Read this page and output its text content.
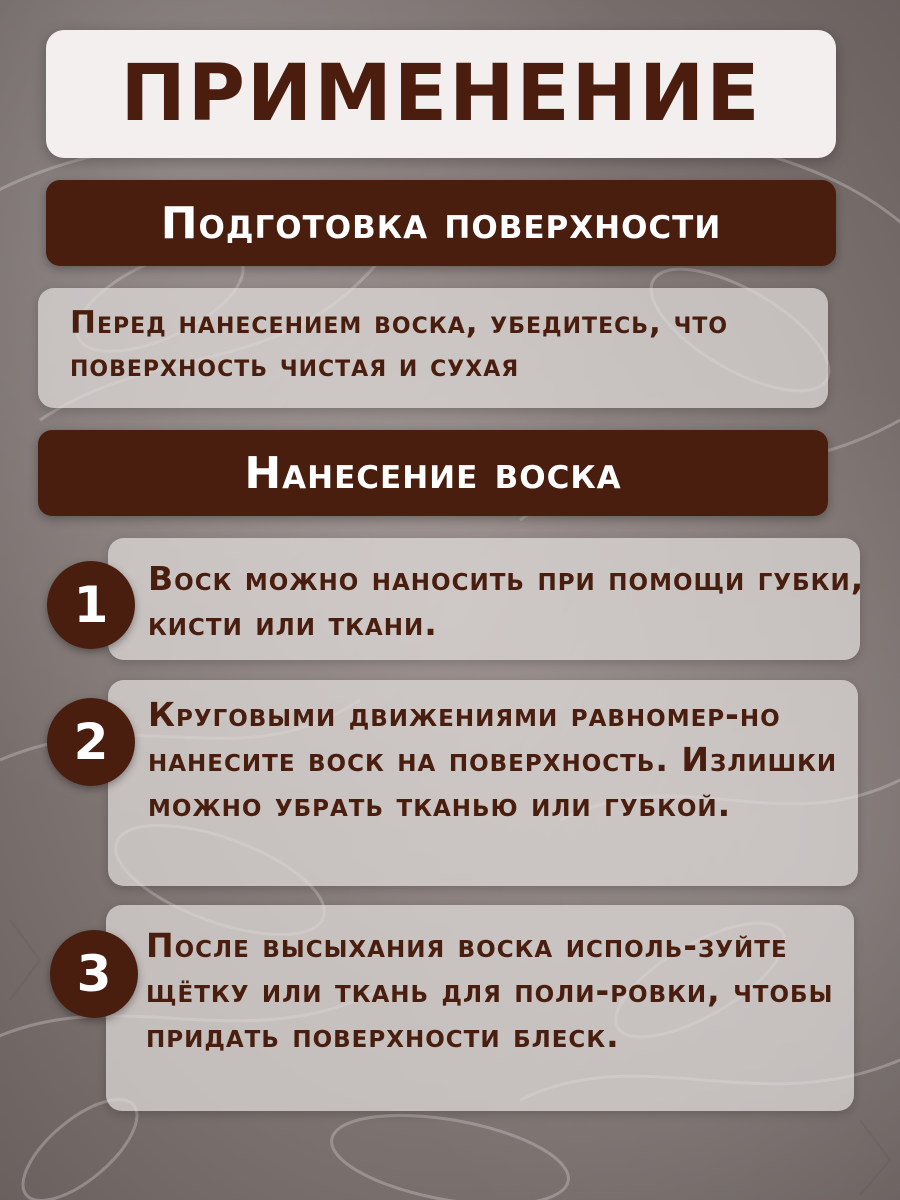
ПРИМЕНЕНИЕ
Подготовка поверхности
Перед нанесением воска, убедитесь, что поверхность чистая и сухая
Нанесение воска
Воск можно наносить при помощи губки, кисти или ткани.
1
Круговыми движениями равномер-но нанесите воск на поверхность. Излишки можно убрать тканью или губкой.
2
После высыхания воска исполь-зуйте щётку или ткань для поли-ровки, чтобы придать поверхности блеск.
3
